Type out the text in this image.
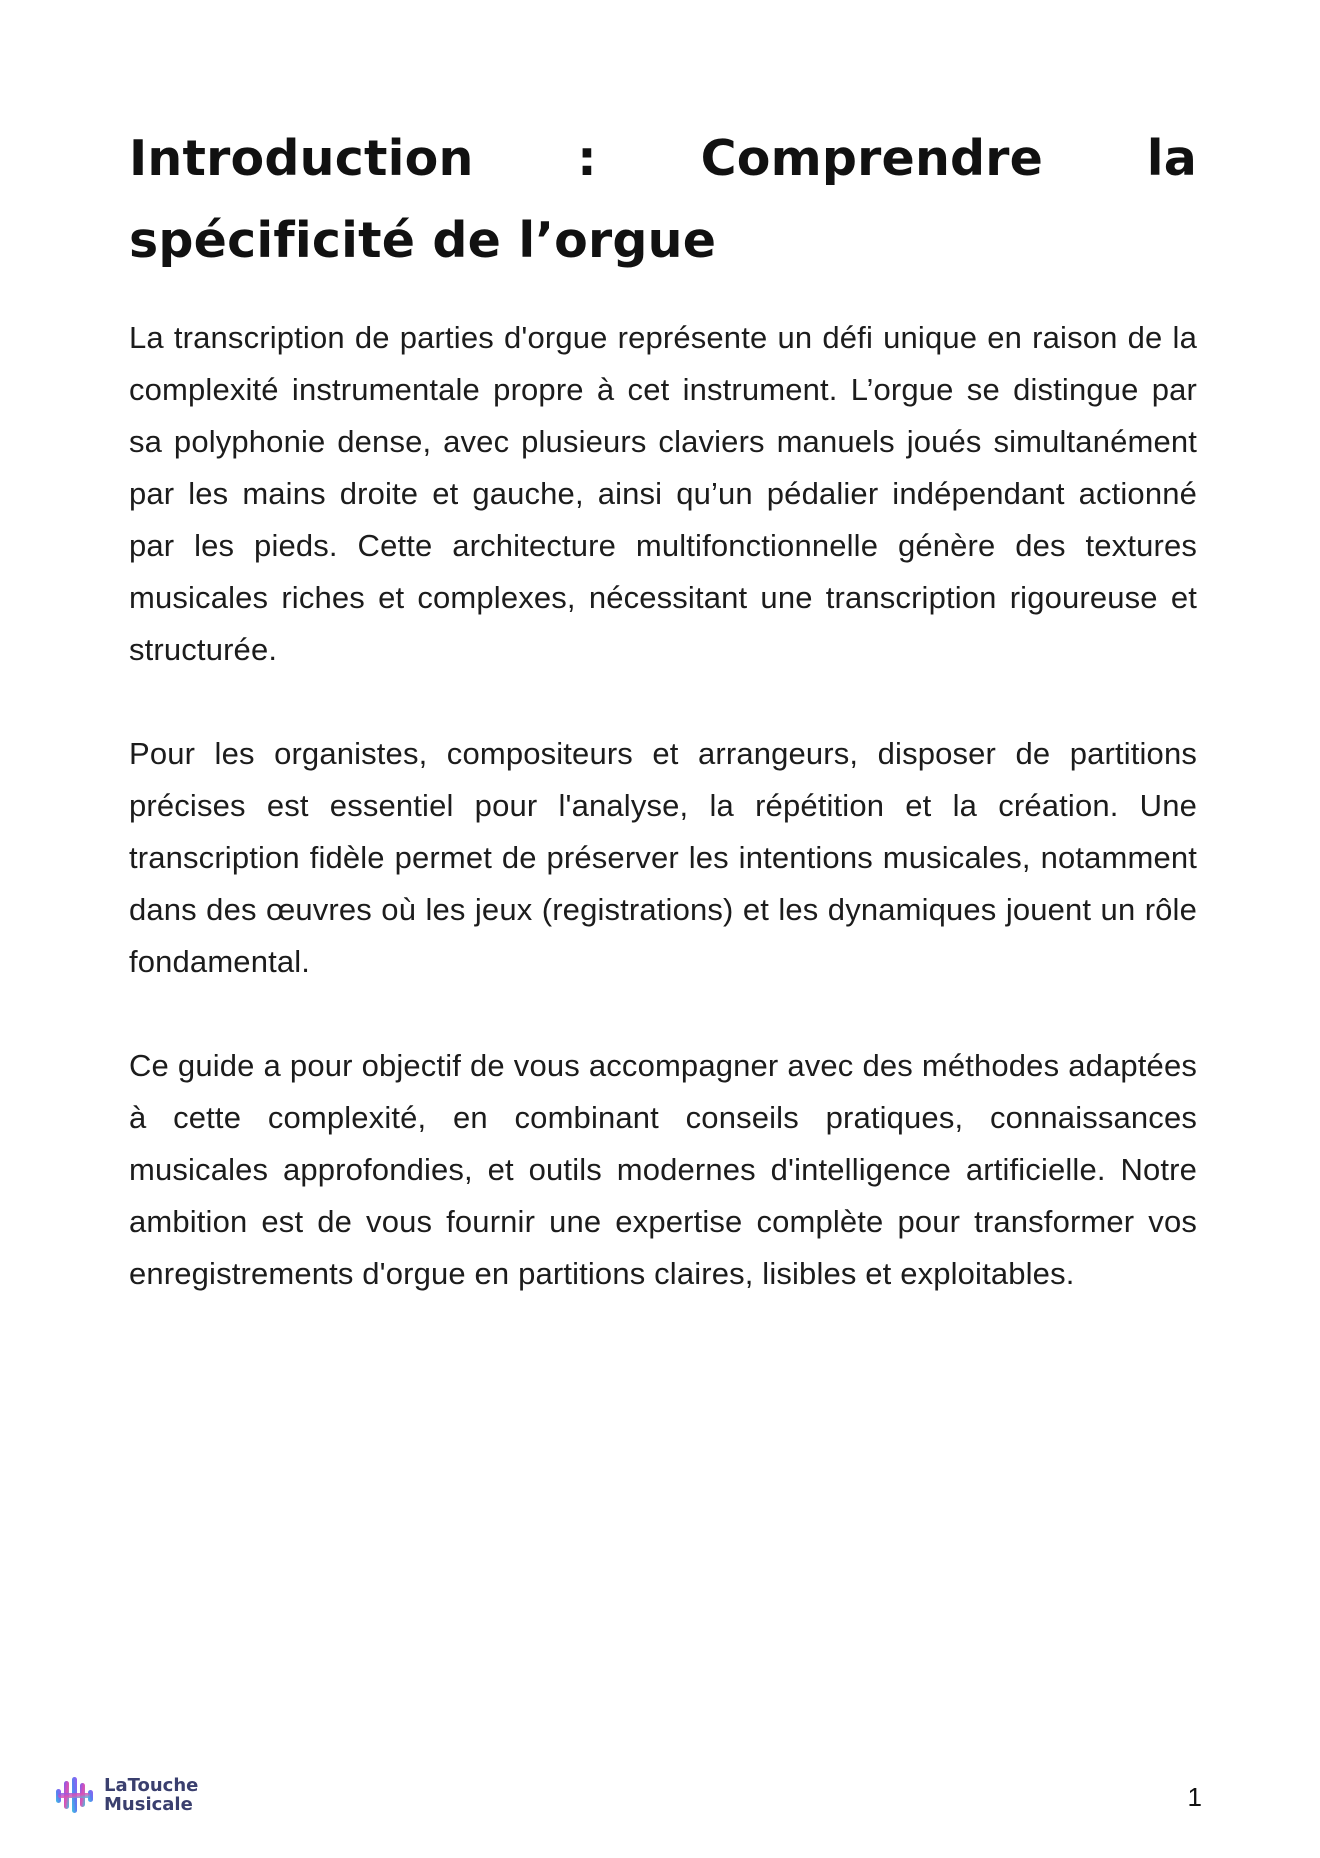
Introduction : Comprendre la spécificité de l’orgue

La transcription de parties d'orgue représente un défi unique en raison de la complexité instrumentale propre à cet instrument. L’orgue se distingue par sa polyphonie dense, avec plusieurs claviers manuels joués simultanément par les mains droite et gauche, ainsi qu’un pédalier indépendant actionné par les pieds. Cette architecture multifonctionnelle génère des textures musicales riches et complexes, nécessitant une transcription rigoureuse et structurée.

Pour les organistes, compositeurs et arrangeurs, disposer de partitions précises est essentiel pour l'analyse, la répétition et la création. Une transcription fidèle permet de préserver les intentions musicales, notamment dans des œuvres où les jeux (registrations) et les dynamiques jouent un rôle fondamental.

Ce guide a pour objectif de vous accompagner avec des méthodes adaptées à cette complexité, en combinant conseils pratiques, connaissances musicales approfondies, et outils modernes d'intelligence artificielle. Notre ambition est de vous fournir une expertise complète pour transformer vos enregistrements d'orgue en partitions claires, lisibles et exploitables.

LaTouche
Musicale	1
